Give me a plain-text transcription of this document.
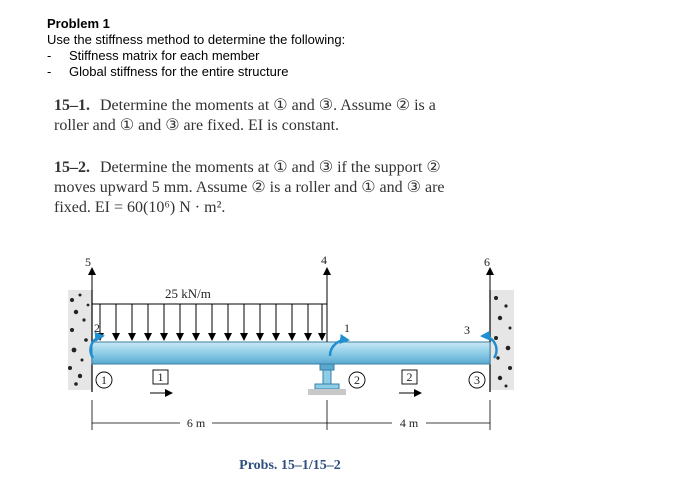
Problem 1
Use the stiffness method to determine the following:
- Stiffness matrix for each member
- Global stiffness for the entire structure
15–1. Determine the moments at ① and ③. Assume ② is a
roller and ① and ③ are fixed. EI is constant.
15–2. Determine the moments at ① and ③ if the support ②
moves upward 5 mm. Assume ② is a roller and ① and ③ are
fixed. EI = 60(10⁶) N · m².
25 kN/m
5	4	6
2	1	3
1	2	3
1	2
6 m	4 m
Probs. 15–1/15–2
